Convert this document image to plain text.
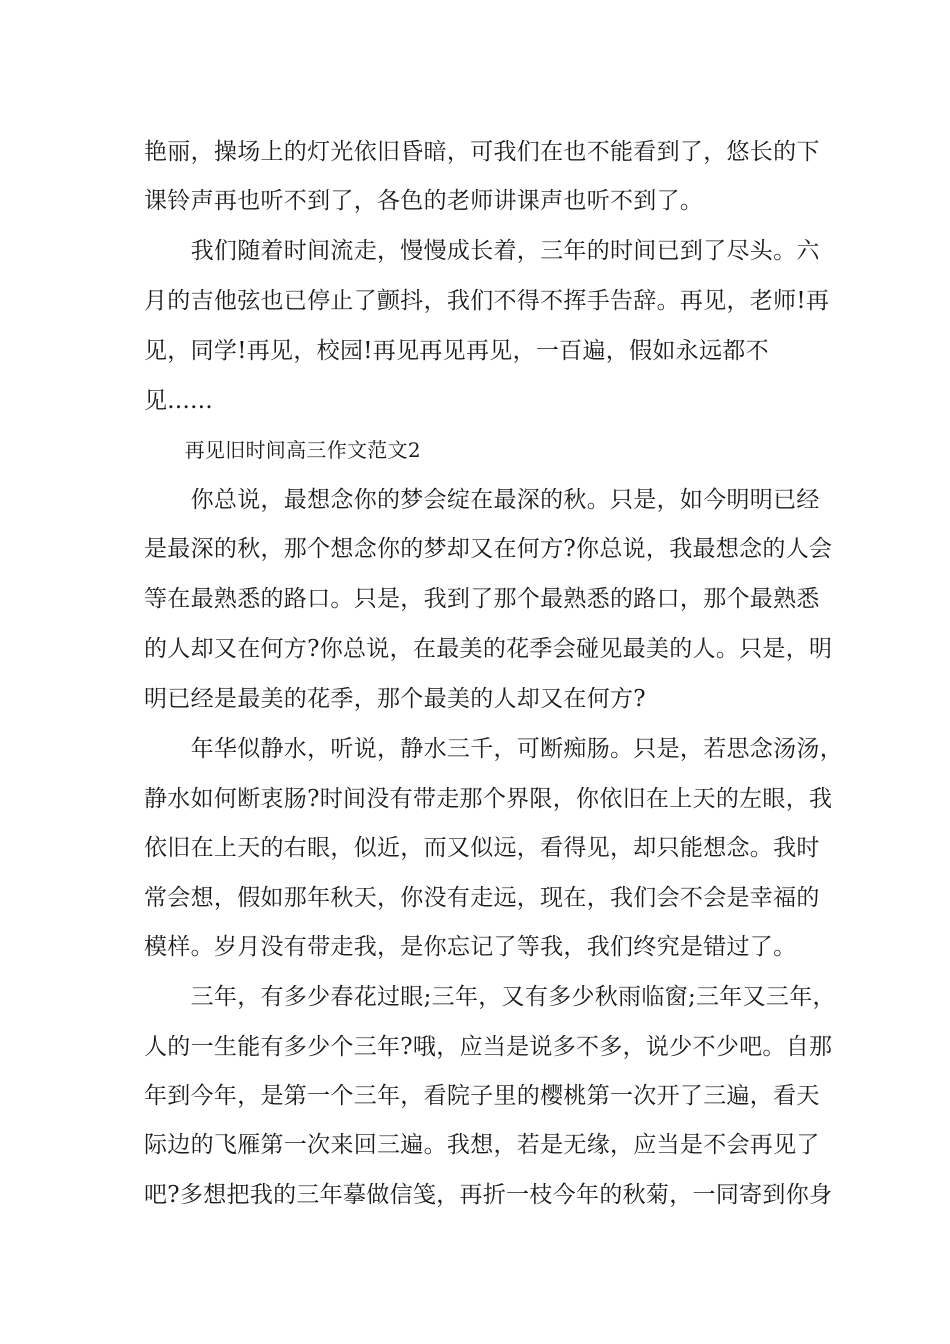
艳丽，操场上的灯光依旧昏暗，可我们在也不能看到了，悠长的下
课铃声再也听不到了，各色的老师讲课声也听不到了。
　　我们随着时间流走，慢慢成长着，三年的时间已到了尽头。六
月的吉他弦也已停止了颤抖，我们不得不挥手告辞。再见，老师!再
见，同学!再见，校园!再见再见再见，一百遍，假如永远都不
见......
　　再见旧时间高三作文范文2
　　你总说，最想念你的梦会绽在最深的秋。只是，如今明明已经
是最深的秋，那个想念你的梦却又在何方?你总说，我最想念的人会
等在最熟悉的路口。只是，我到了那个最熟悉的路口，那个最熟悉
的人却又在何方?你总说，在最美的花季会碰见最美的人。只是，明
明已经是最美的花季，那个最美的人却又在何方?
　　年华似静水，听说，静水三千，可断痴肠。只是，若思念汤汤，
静水如何断衷肠?时间没有带走那个界限，你依旧在上天的左眼，我
依旧在上天的右眼，似近，而又似远，看得见，却只能想念。我时
常会想，假如那年秋天，你没有走远，现在，我们会不会是幸福的
模样。岁月没有带走我，是你忘记了等我，我们终究是错过了。
　　三年，有多少春花过眼;三年，又有多少秋雨临窗;三年又三年，
人的一生能有多少个三年?哦，应当是说多不多，说少不少吧。自那
年到今年，是第一个三年，看院子里的樱桃第一次开了三遍，看天
际边的飞雁第一次来回三遍。我想，若是无缘，应当是不会再见了
吧?多想把我的三年摹做信笺，再折一枝今年的秋菊，一同寄到你身
